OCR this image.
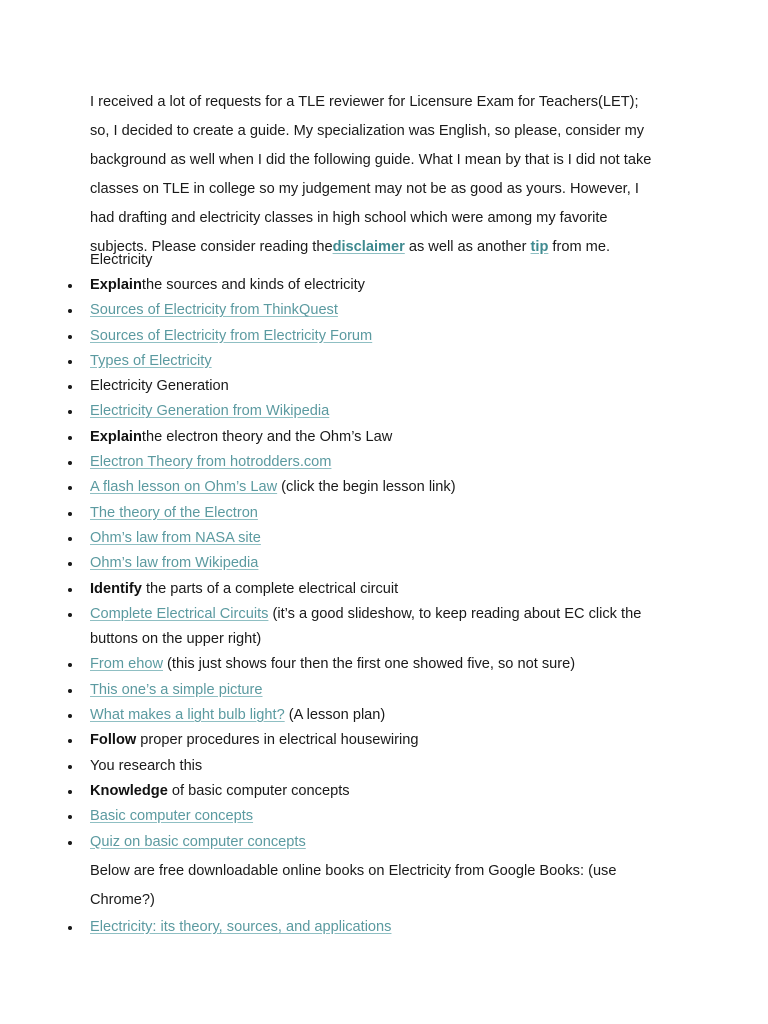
I received a lot of requests for a TLE reviewer for Licensure Exam for Teachers(LET);
so, I decided to create a guide. My specialization was English, so please, consider my
background as well when I did the following guide. What I mean by that is I did not take
classes on TLE in college so my judgement may not be as good as yours. However, I
had drafting and electricity classes in high school which were among my favorite
subjects. Please consider reading thedisclaimer as well as another tip from me.

Electricity

Explainthe sources and kinds of electricity
Sources of Electricity from ThinkQuest
Sources of Electricity from Electricity Forum
Types of Electricity
Electricity Generation
Electricity Generation from Wikipedia
Explainthe electron theory and the Ohm’s Law
Electron Theory from hotrodders.com
A flash lesson on Ohm’s Law (click the begin lesson link)
The theory of the Electron
Ohm’s law from NASA site
Ohm’s law from Wikipedia
Identify the parts of a complete electrical circuit
Complete Electrical Circuits (it’s a good slideshow, to keep reading about EC click the
buttons on the upper right)
From ehow (this just shows four then the first one showed five, so not sure)
This one’s a simple picture
What makes a light bulb light? (A lesson plan)
Follow proper procedures in electrical housewiring
You research this
Knowledge of basic computer concepts
Basic computer concepts
Quiz on basic computer concepts
Below are free downloadable online books on Electricity from Google Books: (use
Chrome?)
Electricity: its theory, sources, and applications
